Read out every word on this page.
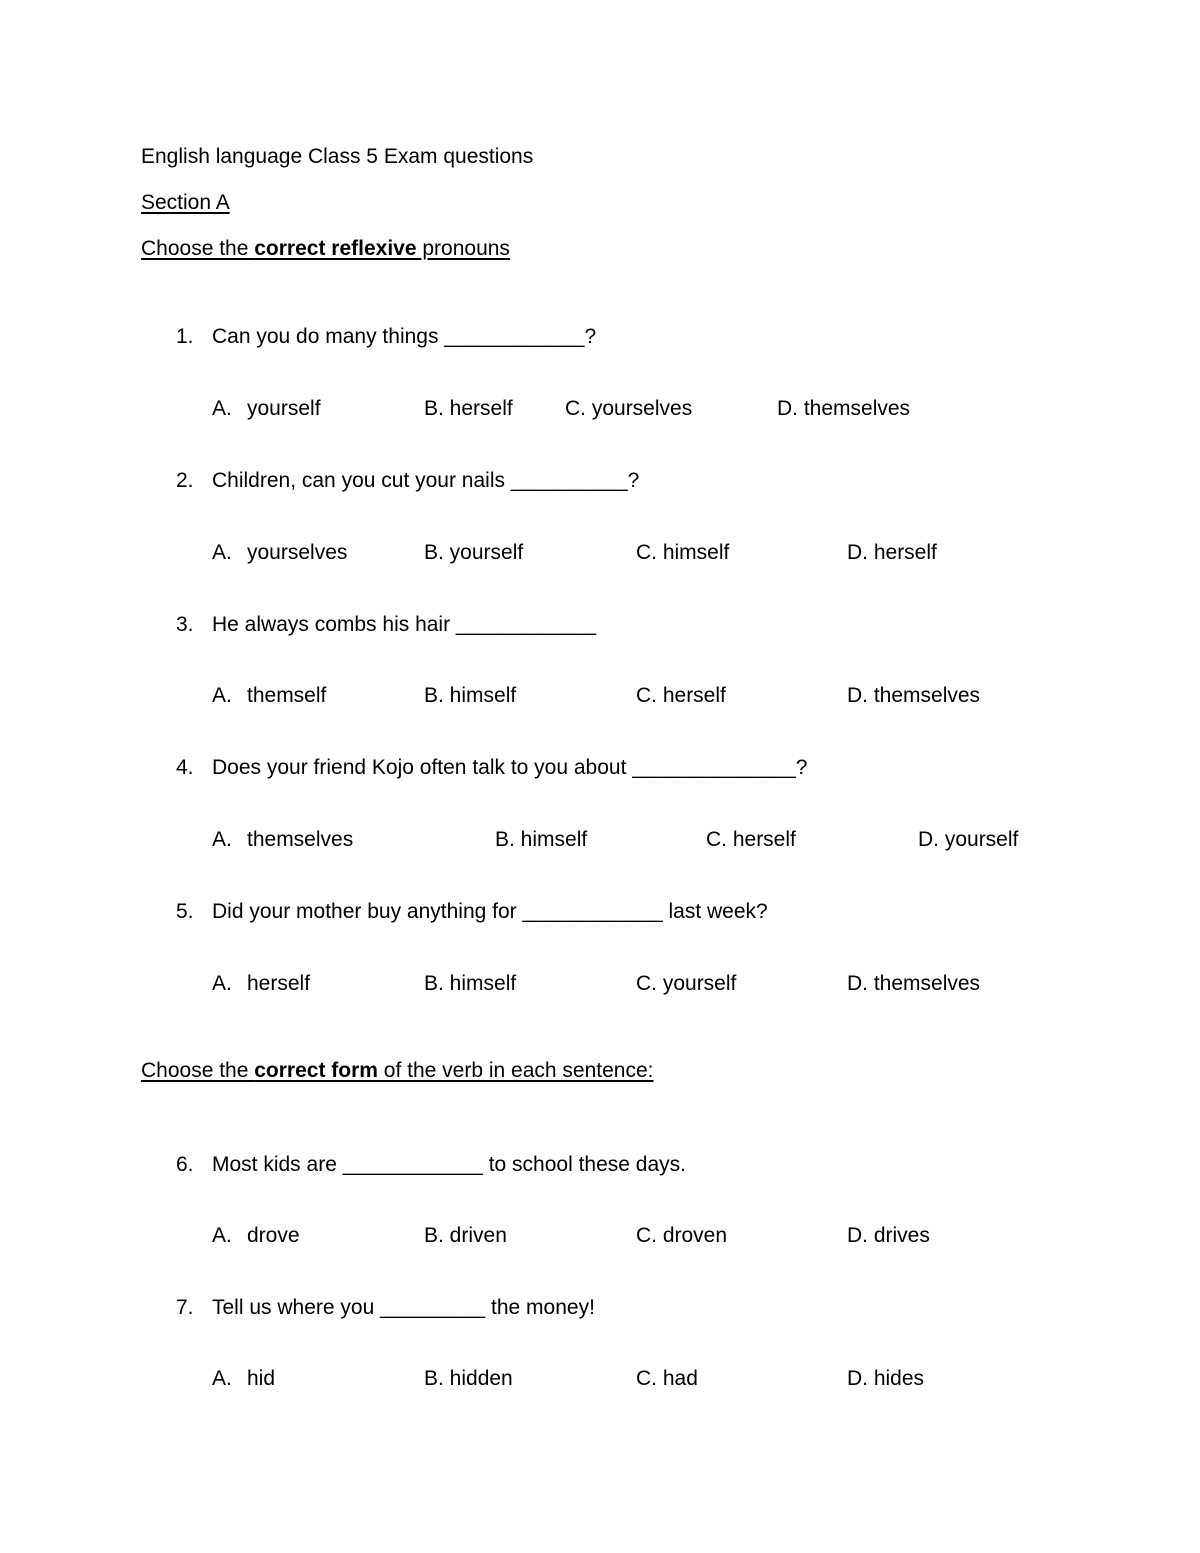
English language Class 5 Exam questions
Section A
Choose the correct reflexive pronouns
1. Can you do many things ____________?
A. yourself	B. herself C. yourselves	D. themselves
2. Children, can you cut your nails __________?
A. yourselves	B. yourself	C. himself	D. herself
3. He always combs his hair ____________
A. themself	B. himself	C. herself	D. themselves
4. Does your friend Kojo often talk to you about ______________?
A. themselves	B. himself	C. herself	D. yourself
5. Did your mother buy anything for ____________ last week?
A. herself	B. himself	C. yourself	D. themselves
Choose the correct form of the verb in each sentence:
6. Most kids are ____________ to school these days.
A. drove	B. driven	C. droven	D. drives
7. Tell us where you _________ the money!
A. hid	B. hidden	C. had	D. hides
